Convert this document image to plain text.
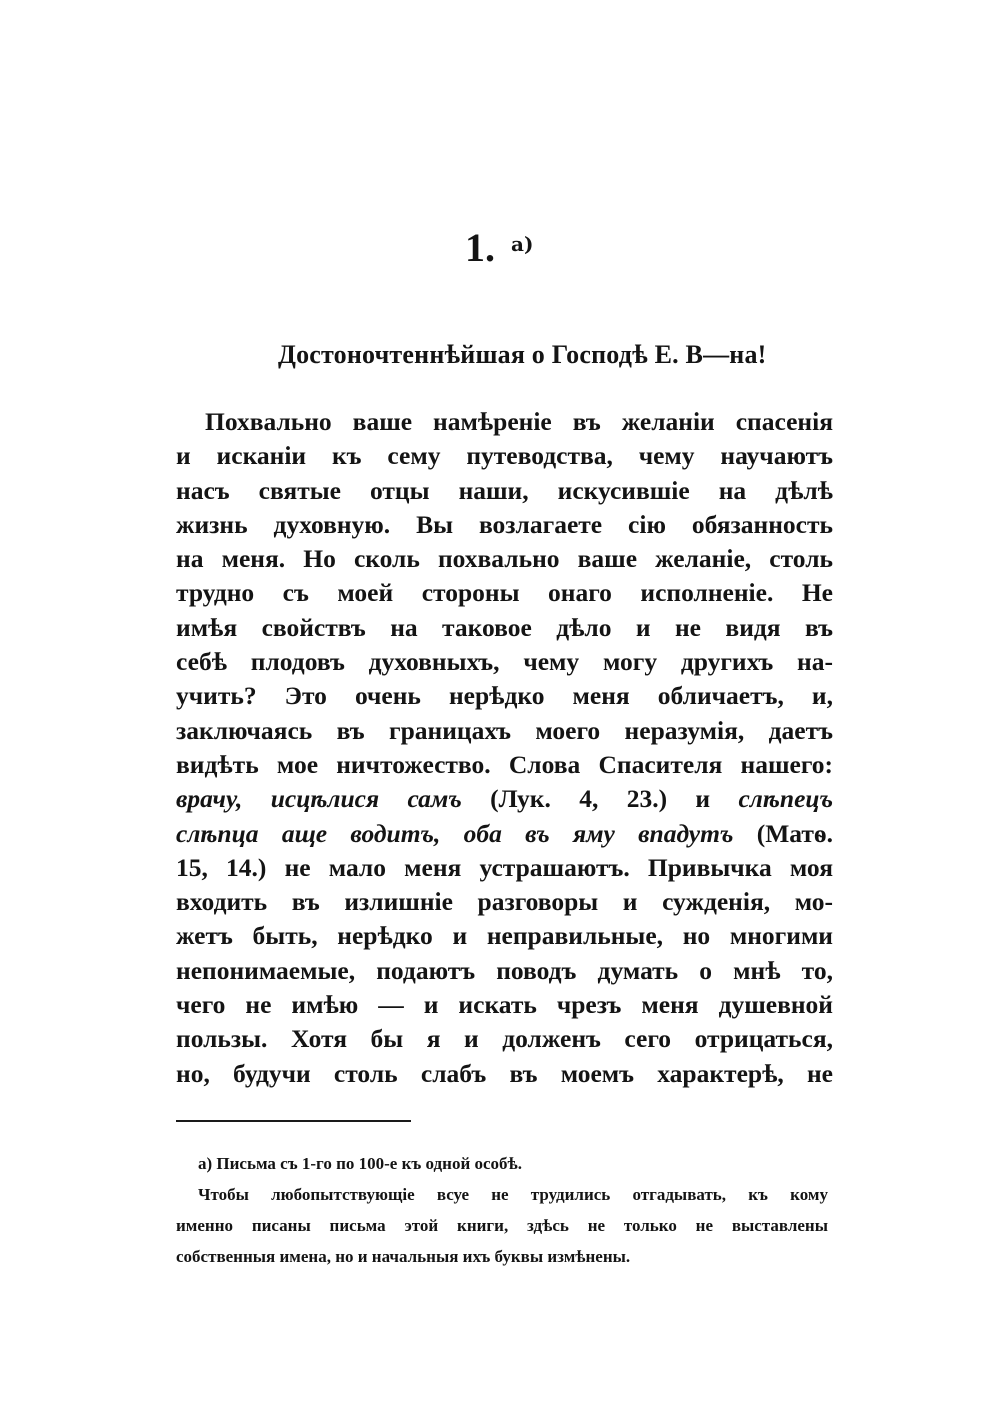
1. а)
Достоночтеннѣйшая о Господѣ Е. В—на!
Похвально ваше намѣреніе въ желаніи спасенія
и исканіи къ сему путеводства, чему научаютъ
насъ святые отцы наши, искусившіе на дѣлѣ
жизнь духовную. Вы возлагаете сію обязанность
на меня. Но сколь похвально ваше желаніе, столь
трудно съ моей стороны онаго исполненіе. Не
имѣя свойствъ на таковое дѣло и не видя въ
себѣ плодовъ духовныхъ, чему могу другихъ на-
учить? Это очень нерѣдко меня обличаетъ, и,
заключаясь въ границахъ моего неразумія, даетъ
видѣть мое ничтожество. Слова Спасителя нашего:
врачу, исцѣлися самъ (Лук. 4, 23.) и слѣпецъ
слѣпца аще водитъ, оба въ яму впадутъ (Матѳ.
15, 14.) не мало меня устрашаютъ. Привычка моя
входить въ излишніе разговоры и сужденія, мо-
жетъ быть, нерѣдко и неправильные, но многими
непонимаемые, подаютъ поводъ думать о мнѣ то,
чего не имѣю — и искать чрезъ меня душевной
пользы. Хотя бы я и долженъ сего отрицаться,
но, будучи столь слабъ въ моемъ характерѣ, не
а) Письма съ 1-го по 100-е къ одной особѣ.
Чтобы любопытствующіе всуе не трудились отгадывать, къ кому
именно писаны письма этой книги, здѣсь не только не выставлены
собственныя имена, но и начальныя ихъ буквы измѣнены.
